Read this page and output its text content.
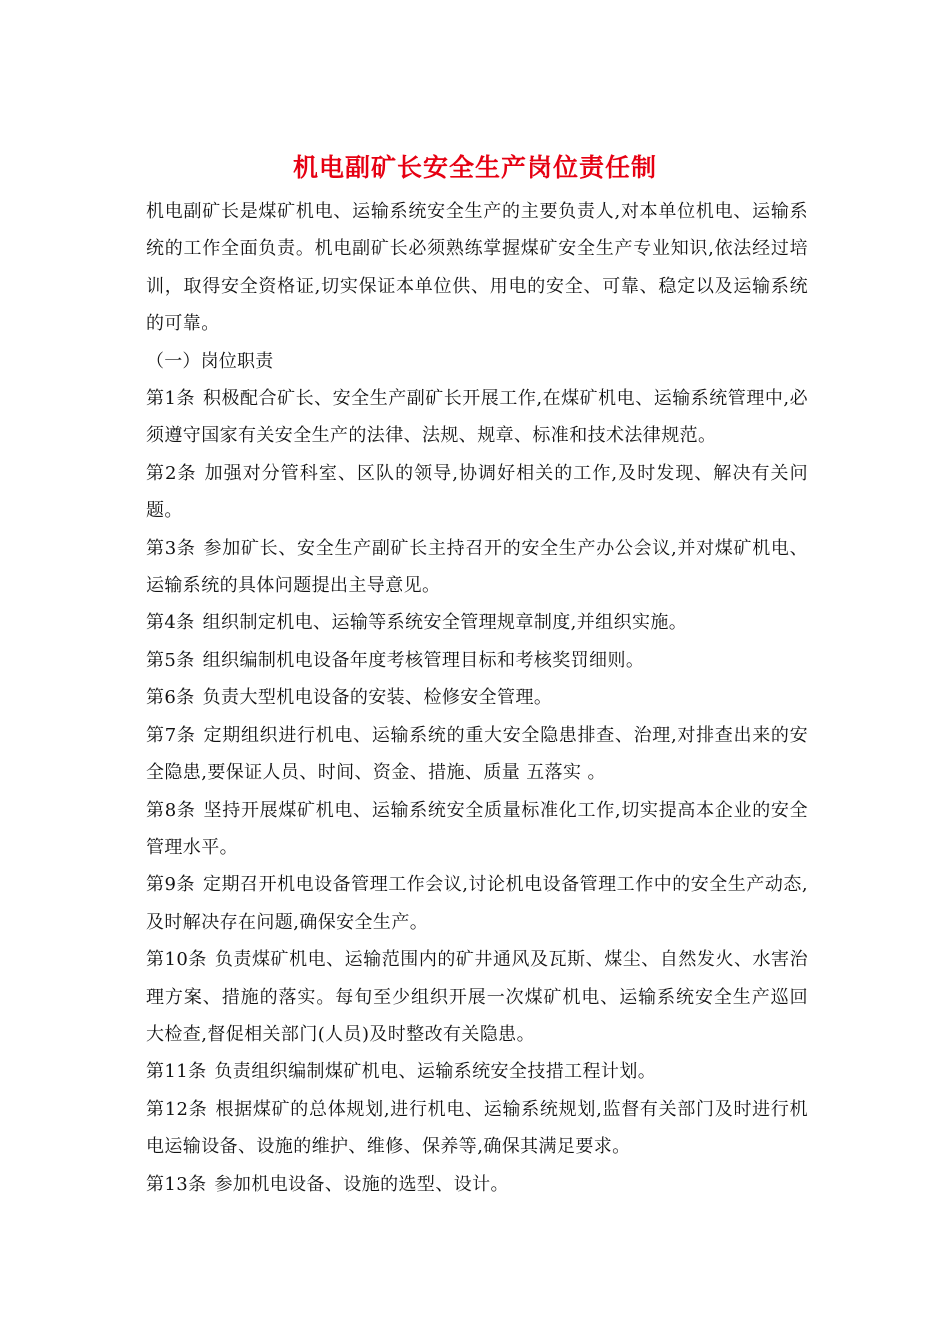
机电副矿长安全生产岗位责任制

机电副矿长是煤矿机电、运输系统安全生产的主要负责人,对本单位机电、运输系统的工作全面负责。机电副矿长必须熟练掌握煤矿安全生产专业知识,依法经过培训，取得安全资格证,切实保证本单位供、用电的安全、可靠、稳定以及运输系统的可靠。

（一）岗位职责

第1条 积极配合矿长、安全生产副矿长开展工作,在煤矿机电、运输系统管理中,必须遵守国家有关安全生产的法律、法规、规章、标准和技术法律规范。

第2条 加强对分管科室、区队的领导,协调好相关的工作,及时发现、解决有关问题。

第3条 参加矿长、安全生产副矿长主持召开的安全生产办公会议,并对煤矿机电、运输系统的具体问题提出主导意见。

第4条 组织制定机电、运输等系统安全管理规章制度,并组织实施。

第5条 组织编制机电设备年度考核管理目标和考核奖罚细则。

第6条 负责大型机电设备的安装、检修安全管理。

第7条 定期组织进行机电、运输系统的重大安全隐患排查、治理,对排查出来的安全隐患,要保证人员、时间、资金、措施、质量 五落实 。

第8条 坚持开展煤矿机电、运输系统安全质量标准化工作,切实提高本企业的安全管理水平。

第9条 定期召开机电设备管理工作会议,讨论机电设备管理工作中的安全生产动态,及时解决存在问题,确保安全生产。

第10条 负责煤矿机电、运输范围内的矿井通风及瓦斯、煤尘、自然发火、水害治理方案、措施的落实。每旬至少组织开展一次煤矿机电、运输系统安全生产巡回大检查,督促相关部门(人员)及时整改有关隐患。

第11条 负责组织编制煤矿机电、运输系统安全技措工程计划。

第12条 根据煤矿的总体规划,进行机电、运输系统规划,监督有关部门及时进行机电运输设备、设施的维护、维修、保养等,确保其满足要求。

第13条 参加机电设备、设施的选型、设计。
